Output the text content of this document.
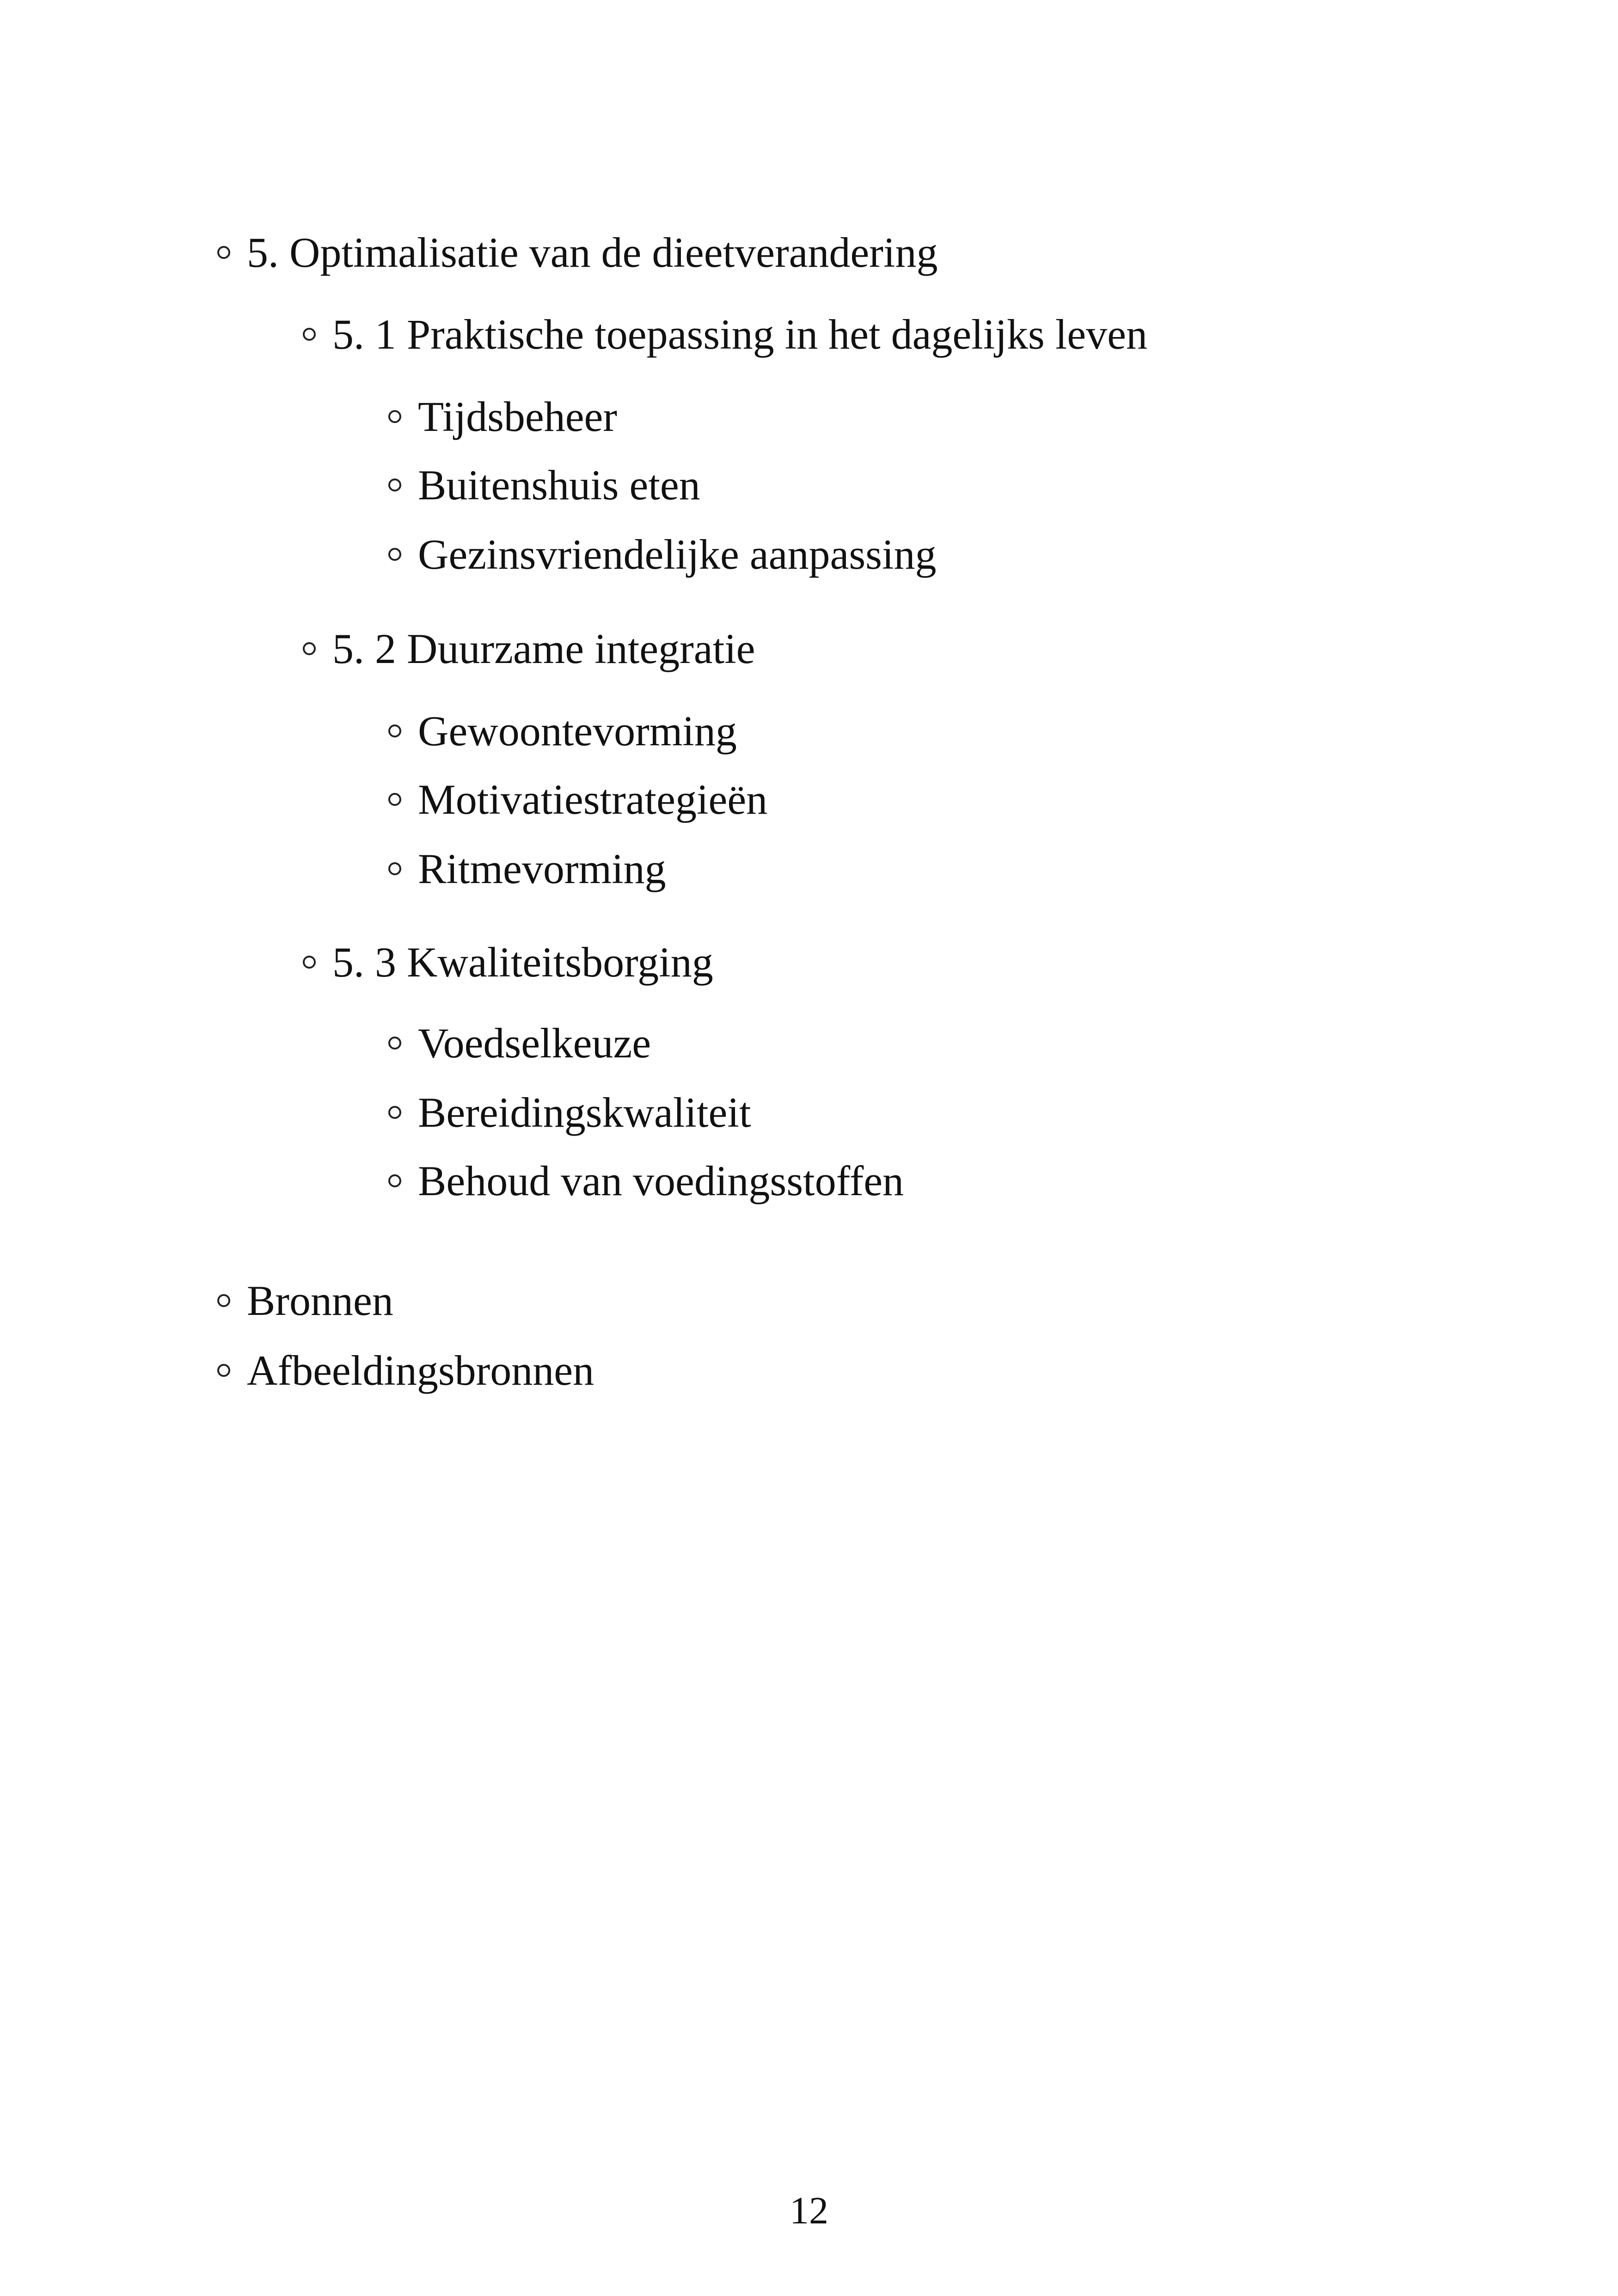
5. Optimalisatie van de dieetverandering
5. 1 Praktische toepassing in het dagelijks leven
Tijdsbeheer
Buitenshuis eten
Gezinsvriendelijke aanpassing
5. 2 Duurzame integratie
Gewoontevorming
Motivatiestrategieën
Ritmevorming
5. 3 Kwaliteitsborging
Voedselkeuze
Bereidingskwaliteit
Behoud van voedingsstoffen
Bronnen
Afbeeldingsbronnen
12
